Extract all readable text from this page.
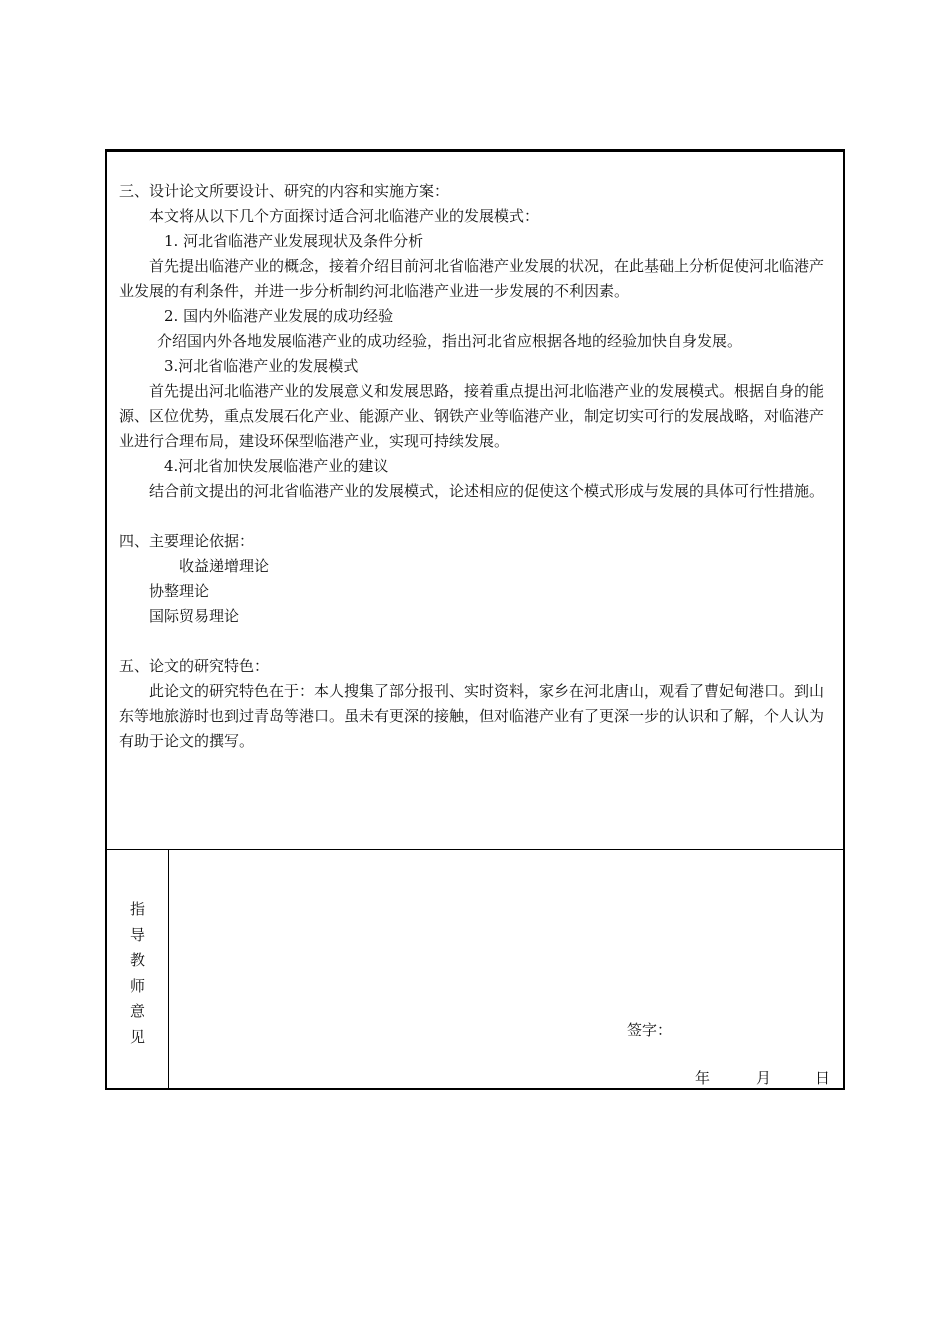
三、设计论文所要设计、研究的内容和实施方案：

本文将从以下几个方面探讨适合河北临港产业的发展模式：

1. 河北省临港产业发展现状及条件分析

首先提出临港产业的概念，接着介绍目前河北省临港产业发展的状况，在此基础上分析促使河北临港产业发展的有利条件，并进一步分析制约河北临港产业进一步发展的不利因素。

2. 国内外临港产业发展的成功经验

介绍国内外各地发展临港产业的成功经验，指出河北省应根据各地的经验加快自身发展。

3.河北省临港产业的发展模式

首先提出河北临港产业的发展意义和发展思路，接着重点提出河北临港产业的发展模式。根据自身的能源、区位优势，重点发展石化产业、能源产业、钢铁产业等临港产业，制定切实可行的发展战略，对临港产业进行合理布局，建设环保型临港产业，实现可持续发展。

4.河北省加快发展临港产业的建议

结合前文提出的河北省临港产业的发展模式，论述相应的促使这个模式形成与发展的具体可行性措施。

四、主要理论依据：

收益递增理论

协整理论

国际贸易理论

五、论文的研究特色：

此论文的研究特色在于：本人搜集了部分报刊、实时资料，家乡在河北唐山，观看了曹妃甸港口。到山东等地旅游时也到过青岛等港口。虽未有更深的接触，但对临港产业有了更深一步的认识和了解，个人认为有助于论文的撰写。

指
导
教
师
意
见	签字：
年	月	日
